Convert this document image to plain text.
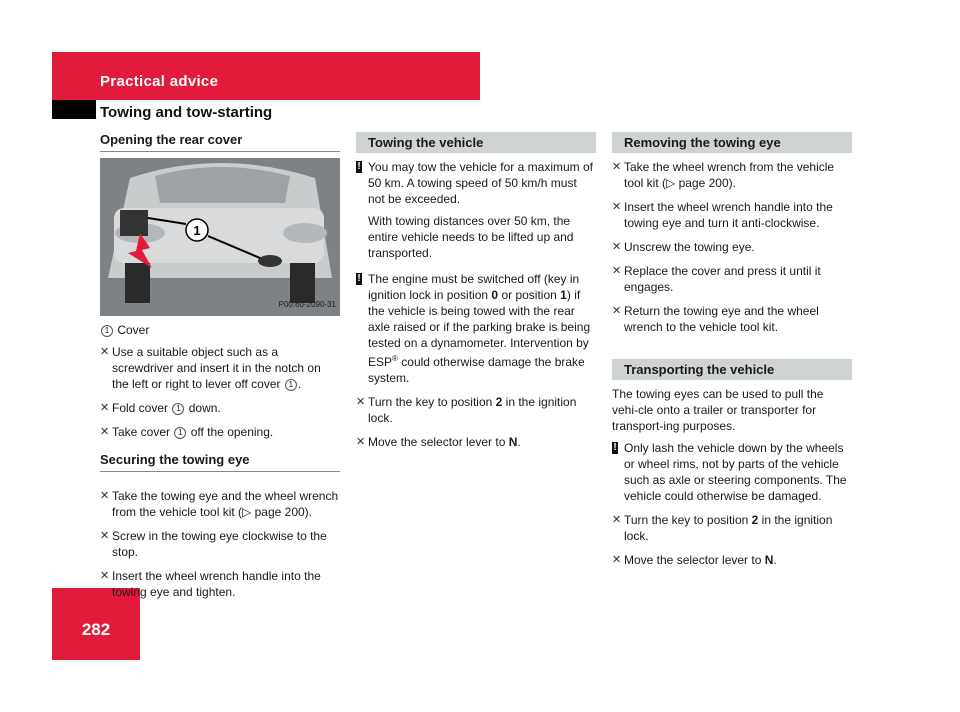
Practical advice
Towing and tow-starting
282
Opening the rear cover
1
P00.60-2090-31
1 Cover
✕ Use a suitable object such as a screwdriver and insert it in the notch on the left or right to lever off cover 1 .
✕ Fold cover 1 down.
✕ Take cover 1 off the opening.
Securing the towing eye
✕ Take the towing eye and the wheel wrench from the vehicle tool kit (▷ page 200).
✕ Screw in the towing eye clockwise to the stop.
✕ Insert the wheel wrench handle into the towing eye and tighten.
Towing the vehicle
! You may tow the vehicle for a maximum of 50 km. A towing speed of 50 km/h must not be exceeded.
With towing distances over 50 km, the entire vehicle needs to be lifted up and transported.
! The engine must be switched off (key in ignition lock in position 0 or position 1) if the vehicle is being towed with the rear axle raised or if the parking brake is being tested on a dynamometer. Intervention by ESP® could otherwise damage the brake system.
✕ Turn the key to position 2 in the ignition lock.
✕ Move the selector lever to N.
Removing the towing eye
✕ Take the wheel wrench from the vehicle tool kit (▷ page 200).
✕ Insert the wheel wrench handle into the towing eye and turn it anti-clockwise.
✕ Unscrew the towing eye.
✕ Replace the cover and press it until it engages.
✕ Return the towing eye and the wheel wrench to the vehicle tool kit.
Transporting the vehicle
The towing eyes can be used to pull the vehi-cle onto a trailer or transporter for transport-ing purposes.
! Only lash the vehicle down by the wheels or wheel rims, not by parts of the vehicle such as axle or steering components. The vehicle could otherwise be damaged.
✕ Turn the key to position 2 in the ignition lock.
✕ Move the selector lever to N.
